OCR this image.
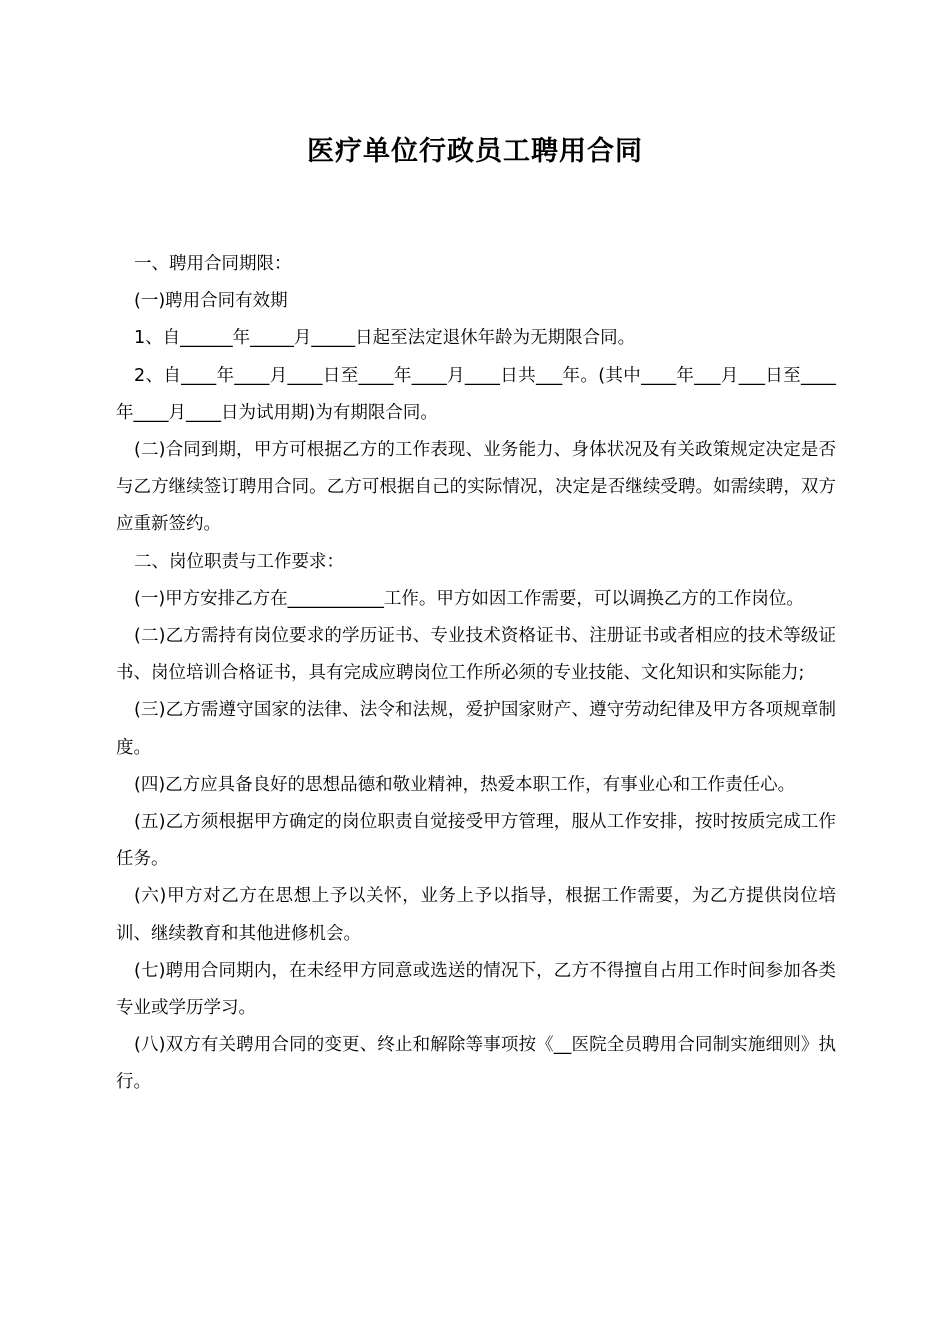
医疗单位行政员工聘用合同

一、聘用合同期限：

(一)聘用合同有效期

1、自______年_____月_____日起至法定退休年龄为无期限合同。

2、自____年____月____日至____年____月____日共___年。(其中____年___月___日至____年____月____日为试用期)为有期限合同。

(二)合同到期，甲方可根据乙方的工作表现、业务能力、身体状况及有关政策规定决定是否与乙方继续签订聘用合同。乙方可根据自己的实际情况，决定是否继续受聘。如需续聘，双方应重新签约。

二、岗位职责与工作要求：

(一)甲方安排乙方在___________工作。甲方如因工作需要，可以调换乙方的工作岗位。

(二)乙方需持有岗位要求的学历证书、专业技术资格证书、注册证书或者相应的技术等级证书、岗位培训合格证书，具有完成应聘岗位工作所必须的专业技能、文化知识和实际能力;

(三)乙方需遵守国家的法律、法令和法规，爱护国家财产、遵守劳动纪律及甲方各项规章制度。

(四)乙方应具备良好的思想品德和敬业精神，热爱本职工作，有事业心和工作责任心。

(五)乙方须根据甲方确定的岗位职责自觉接受甲方管理，服从工作安排，按时按质完成工作任务。

(六)甲方对乙方在思想上予以关怀，业务上予以指导，根据工作需要，为乙方提供岗位培训、继续教育和其他进修机会。

(七)聘用合同期内，在未经甲方同意或选送的情况下，乙方不得擅自占用工作时间参加各类专业或学历学习。

(八)双方有关聘用合同的变更、终止和解除等事项按《__医院全员聘用合同制实施细则》执行。
